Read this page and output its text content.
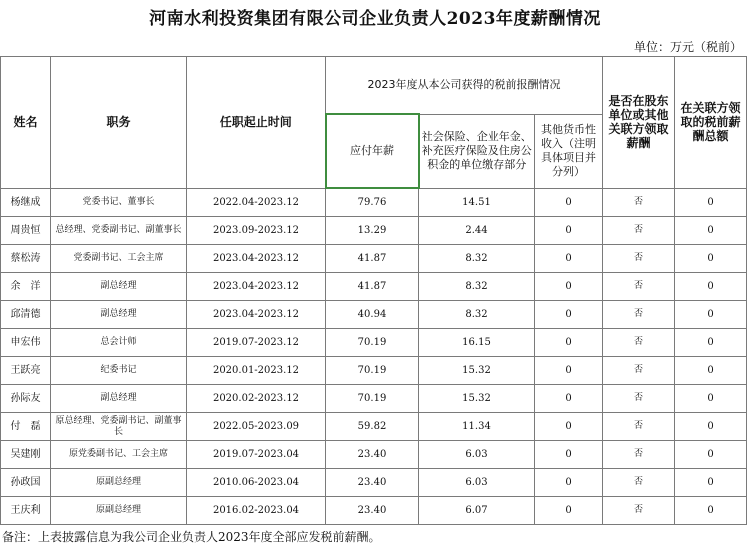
河南水利投资集团有限公司企业负责人2023年度薪酬情况
单位：万元（税前）
姓名	职务	任职起止时间	2023年度从本公司获得的税前报酬情况			是否在股东单位或其他关联方领取薪酬	在关联方领取的税前薪酬总额
			应付年薪	社会保险、企业年金、补充医疗保险及住房公积金的单位缴存部分	其他货币性收入（注明具体项目并分列）		
杨继成	党委书记、董事长	2022.04-2023.12	79.76	14.51	0	否	0
周贵恒	总经理、党委副书记、副董事长	2023.09-2023.12	13.29	2.44	0	否	0
蔡松涛	党委副书记、工会主席	2023.04-2023.12	41.87	8.32	0	否	0
余　洋	副总经理	2023.04-2023.12	41.87	8.32	0	否	0
邱清德	副总经理	2023.04-2023.12	40.94	8.32	0	否	0
申宏伟	总会计师	2019.07-2023.12	70.19	16.15	0	否	0
王跃亮	纪委书记	2020.01-2023.12	70.19	15.32	0	否	0
孙际友	副总经理	2020.02-2023.12	70.19	15.32	0	否	0
付　磊	原总经理、党委副书记、副董事长	2022.05-2023.09	59.82	11.34	0	否	0
吴建刚	原党委副书记、工会主席	2019.07-2023.04	23.40	6.03	0	否	0
孙政国	原副总经理	2010.06-2023.04	23.40	6.03	0	否	0
王庆利	原副总经理	2016.02-2023.04	23.40	6.07	0	否	0
备注：上表披露信息为我公司企业负责人2023年度全部应发税前薪酬。
